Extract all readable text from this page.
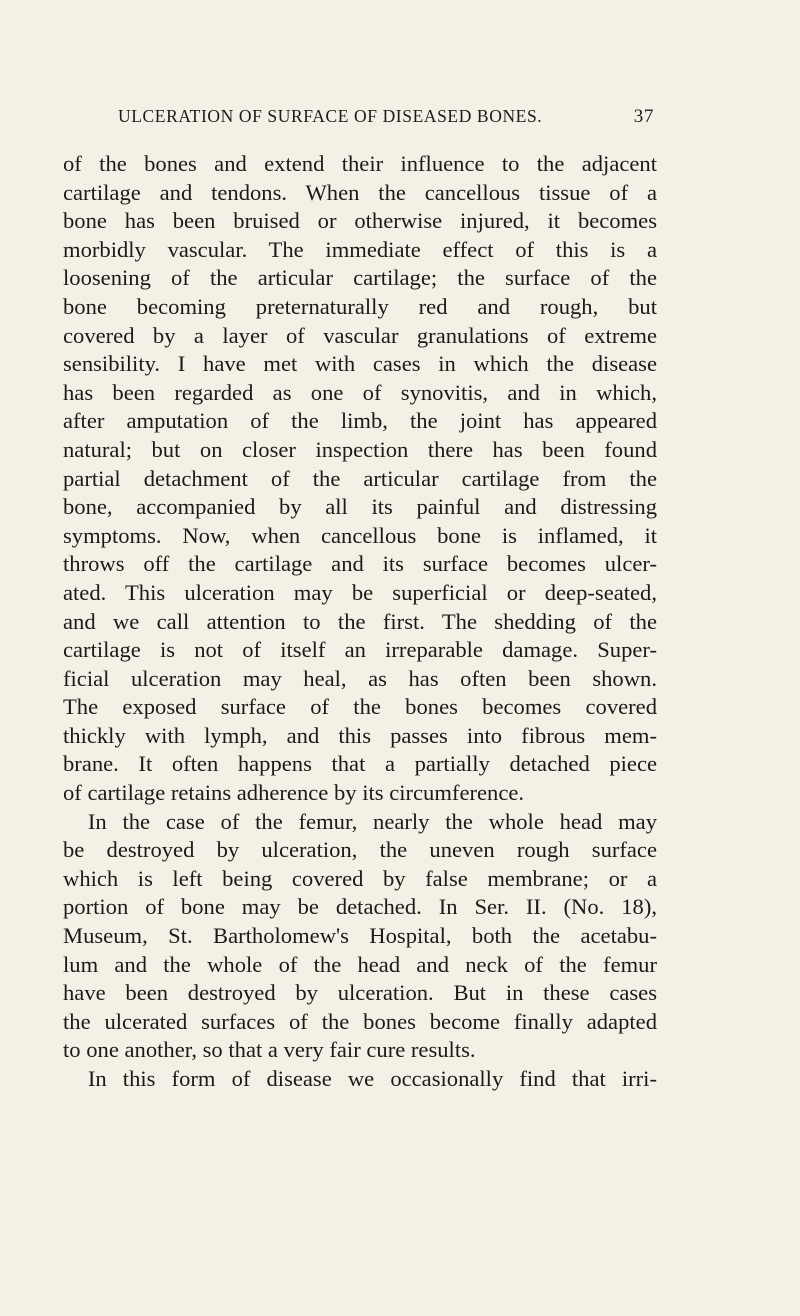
ULCERATION OF SURFACE OF DISEASED BONES.	37
of the bones and extend their influence to the adjacent
cartilage and tendons. When the cancellous tissue of a
bone has been bruised or otherwise injured, it becomes
morbidly vascular. The immediate effect of this is a
loosening of the articular cartilage; the surface of the
bone becoming preternaturally red and rough, but
covered by a layer of vascular granulations of extreme
sensibility. I have met with cases in which the disease
has been regarded as one of synovitis, and in which,
after amputation of the limb, the joint has appeared
natural; but on closer inspection there has been found
partial detachment of the articular cartilage from the
bone, accompanied by all its painful and distressing
symptoms. Now, when cancellous bone is inflamed, it
throws off the cartilage and its surface becomes ulcer-
ated. This ulceration may be superficial or deep-seated,
and we call attention to the first. The shedding of the
cartilage is not of itself an irreparable damage. Super-
ficial ulceration may heal, as has often been shown.
The exposed surface of the bones becomes covered
thickly with lymph, and this passes into fibrous mem-
brane. It often happens that a partially detached piece
of cartilage retains adherence by its circumference.
In the case of the femur, nearly the whole head may
be destroyed by ulceration, the uneven rough surface
which is left being covered by false membrane; or a
portion of bone may be detached. In Ser. II. (No. 18),
Museum, St. Bartholomew's Hospital, both the acetabu-
lum and the whole of the head and neck of the femur
have been destroyed by ulceration. But in these cases
the ulcerated surfaces of the bones become finally adapted
to one another, so that a very fair cure results.
In this form of disease we occasionally find that irri-
